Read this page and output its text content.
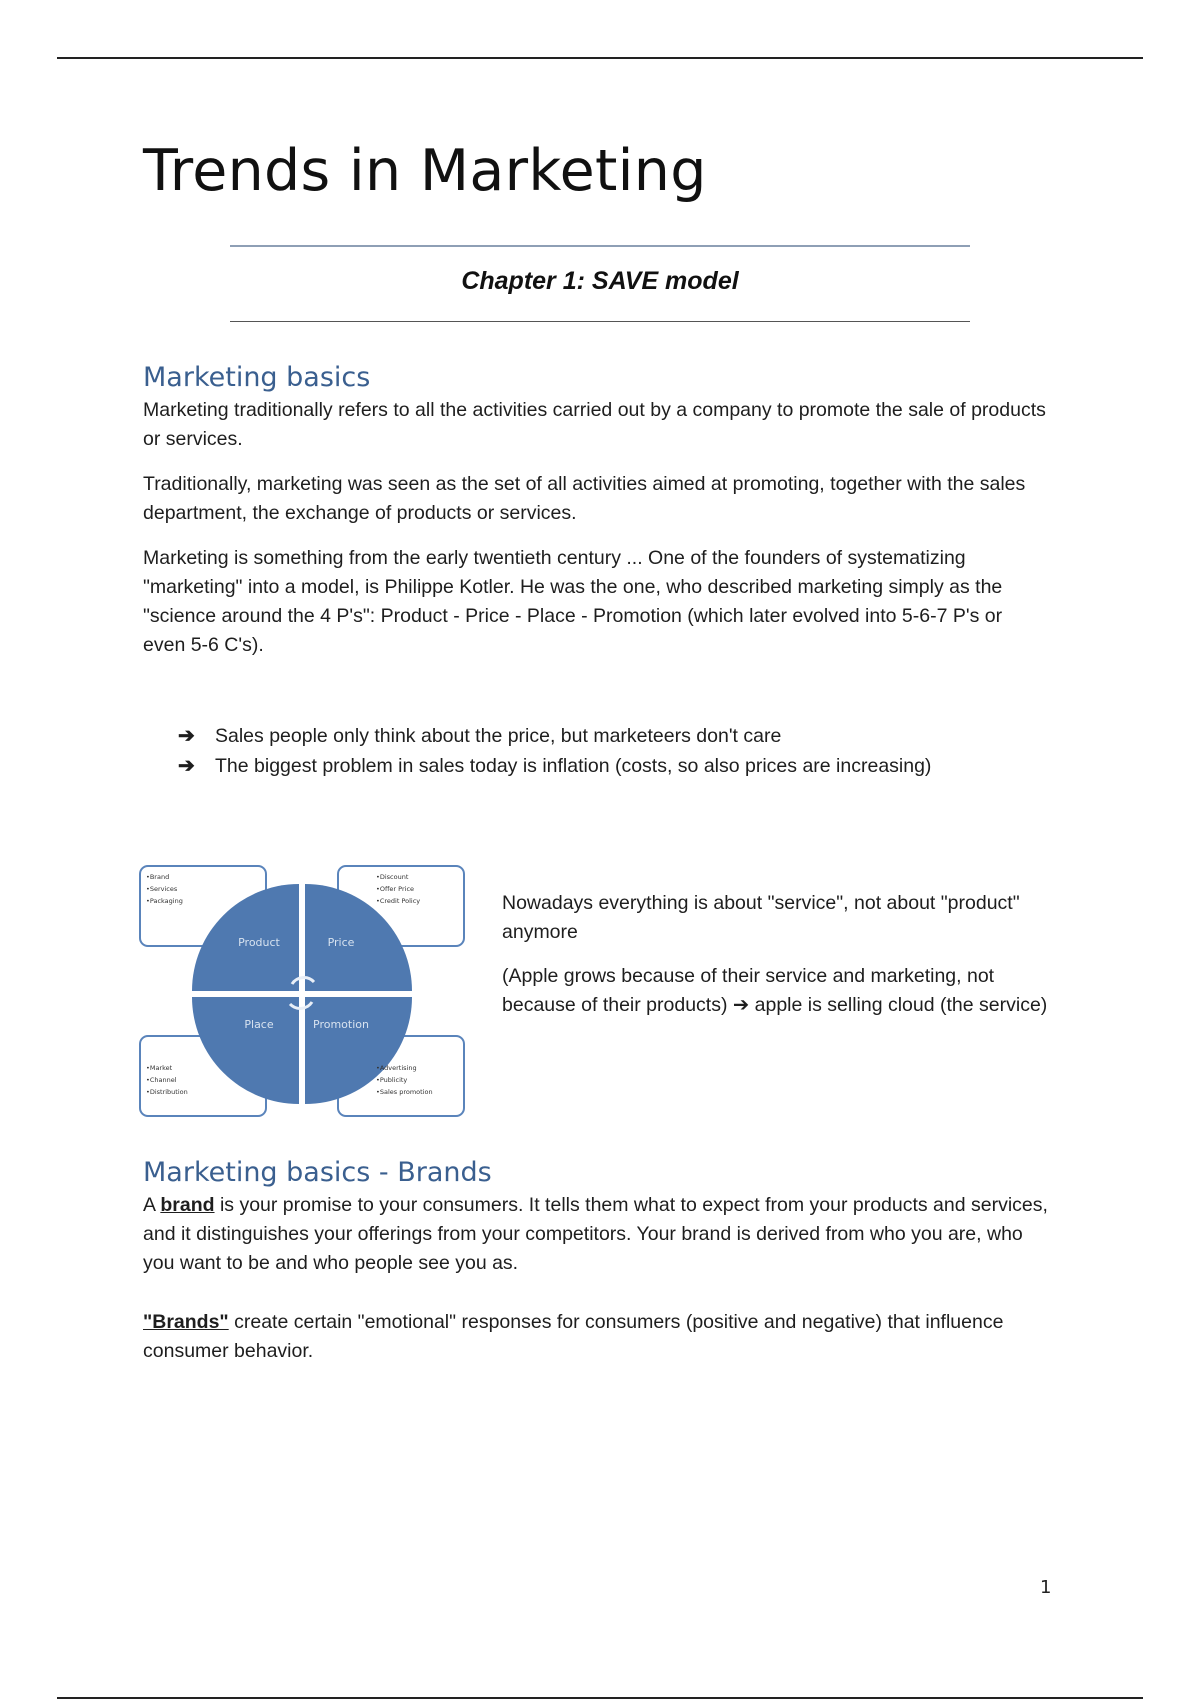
Trends in Marketing
Chapter 1: SAVE model
Marketing basics

Marketing traditionally refers to all the activities carried out by a company to promote the sale of products or services.

Traditionally, marketing was seen as the set of all activities aimed at promoting, together with the sales department, the exchange of products or services.

Marketing is something from the early twentieth century ... One of the founders of systematizing "marketing" into a model, is Philippe Kotler. He was the one, who described marketing simply as the "science around the 4 P's": Product - Price - Place - Promotion (which later evolved into 5-6-7 P's or even 5-6 C's).

➔	Sales people only think about the price, but marketeers don't care
➔	The biggest problem in sales today is inflation (costs, so also prices are increasing)
Product	Price
Place	Promotion
•Brand
•Services
•Packaging
•Discount
•Offer Price
•Credit Policy
•Market
•Channel
•Distribution
•Advertising
•Publicity
•Sales promotion

Nowadays everything is about "service", not about "product" anymore

(Apple grows because of their service and marketing, not because of their products) ➔ apple is selling cloud (the service)

Marketing basics - Brands

A brand is your promise to your consumers. It tells them what to expect from your products and services, and it distinguishes your offerings from your competitors. Your brand is derived from who you are, who you want to be and who people see you as.

"Brands" create certain "emotional" responses for consumers (positive and negative) that influence consumer behavior.

1
